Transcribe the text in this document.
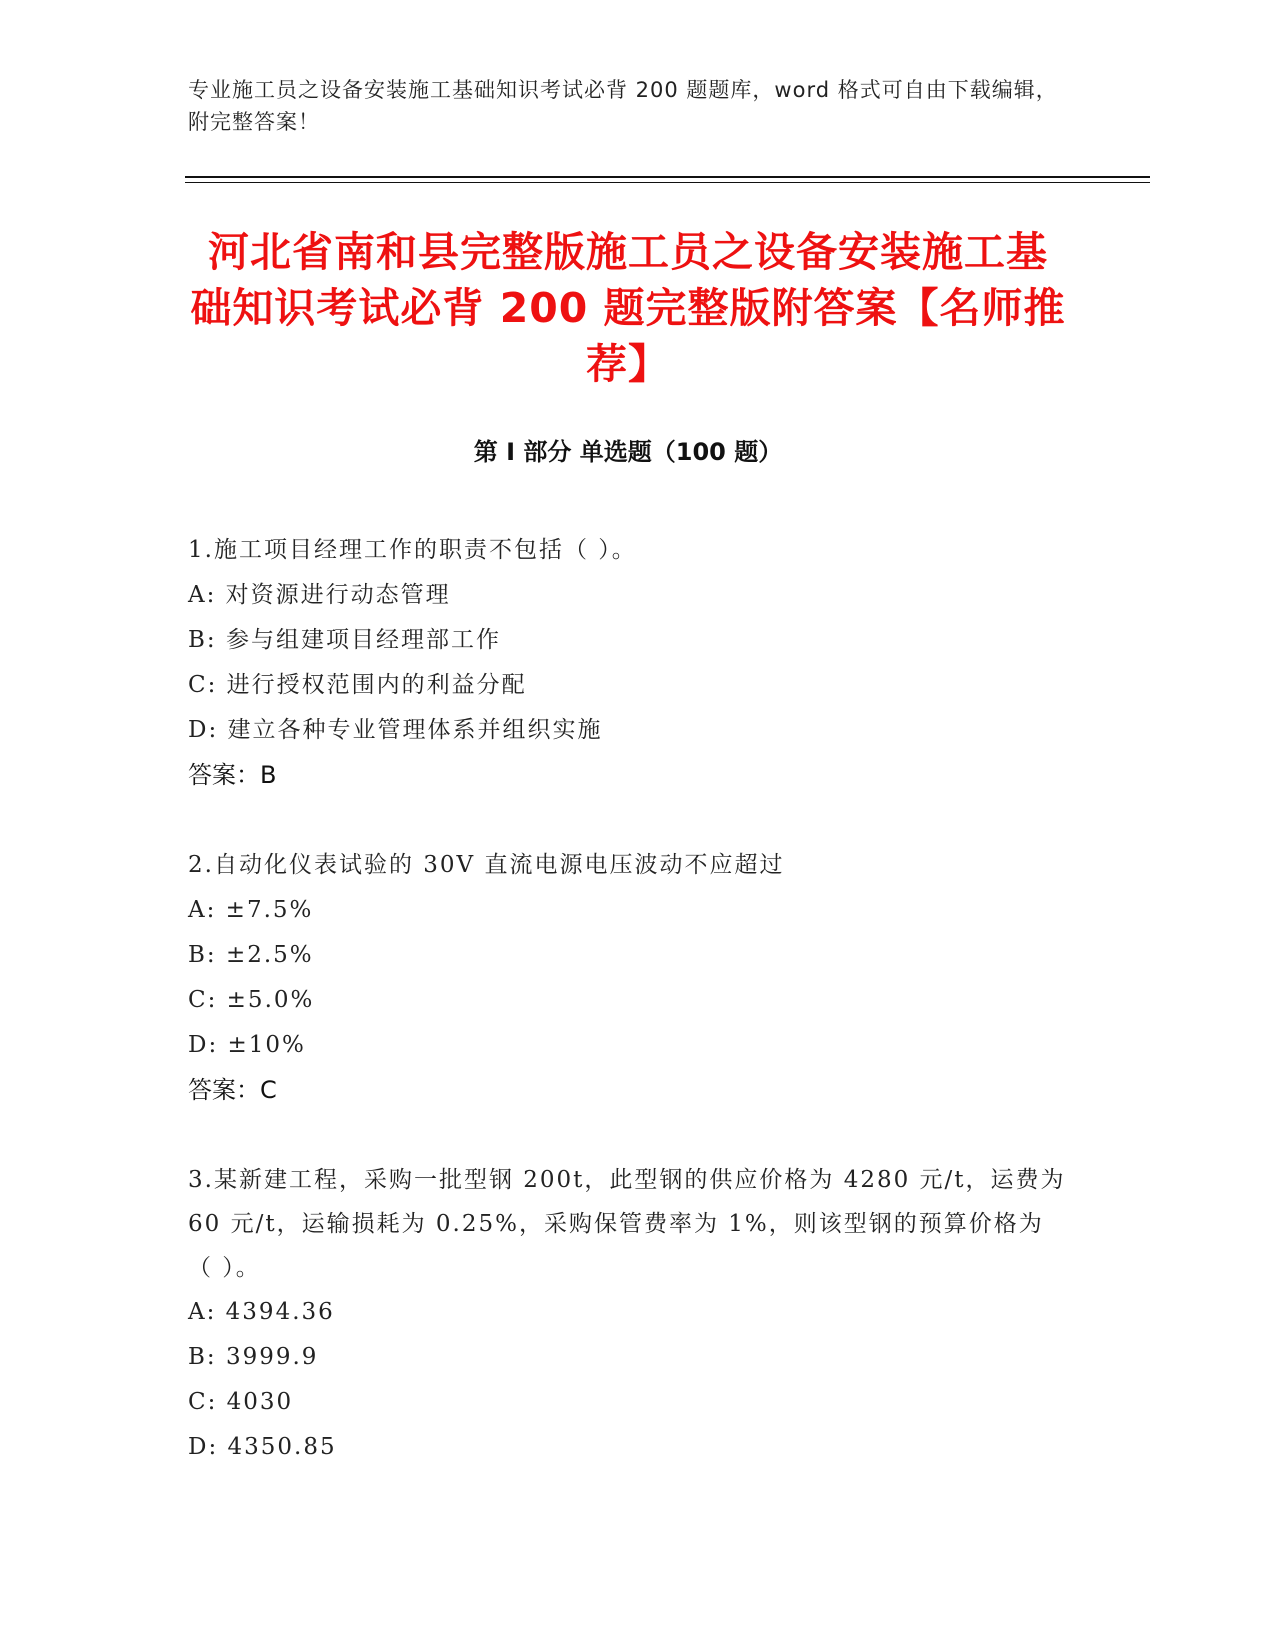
专业施工员之设备安装施工基础知识考试必背 200 题题库，word 格式可自由下载编辑，附完整答案！
河北省南和县完整版施工员之设备安装施工基础知识考试必背 200 题完整版附答案【名师推荐】
第 I 部分 单选题（100 题）
1.施工项目经理工作的职责不包括（ ）。
A: 对资源进行动态管理
B: 参与组建项目经理部工作
C: 进行授权范围内的利益分配
D: 建立各种专业管理体系并组织实施
答案：B
2.自动化仪表试验的 30V 直流电源电压波动不应超过
A: ±7.5%
B: ±2.5%
C: ±5.0%
D: ±10%
答案：C
3.某新建工程，采购一批型钢 200t，此型钢的供应价格为 4280 元/t，运费为 60 元/t，运输损耗为 0.25%，采购保管费率为 1%，则该型钢的预算价格为（ ）。
A: 4394.36
B: 3999.9
C: 4030
D: 4350.85
